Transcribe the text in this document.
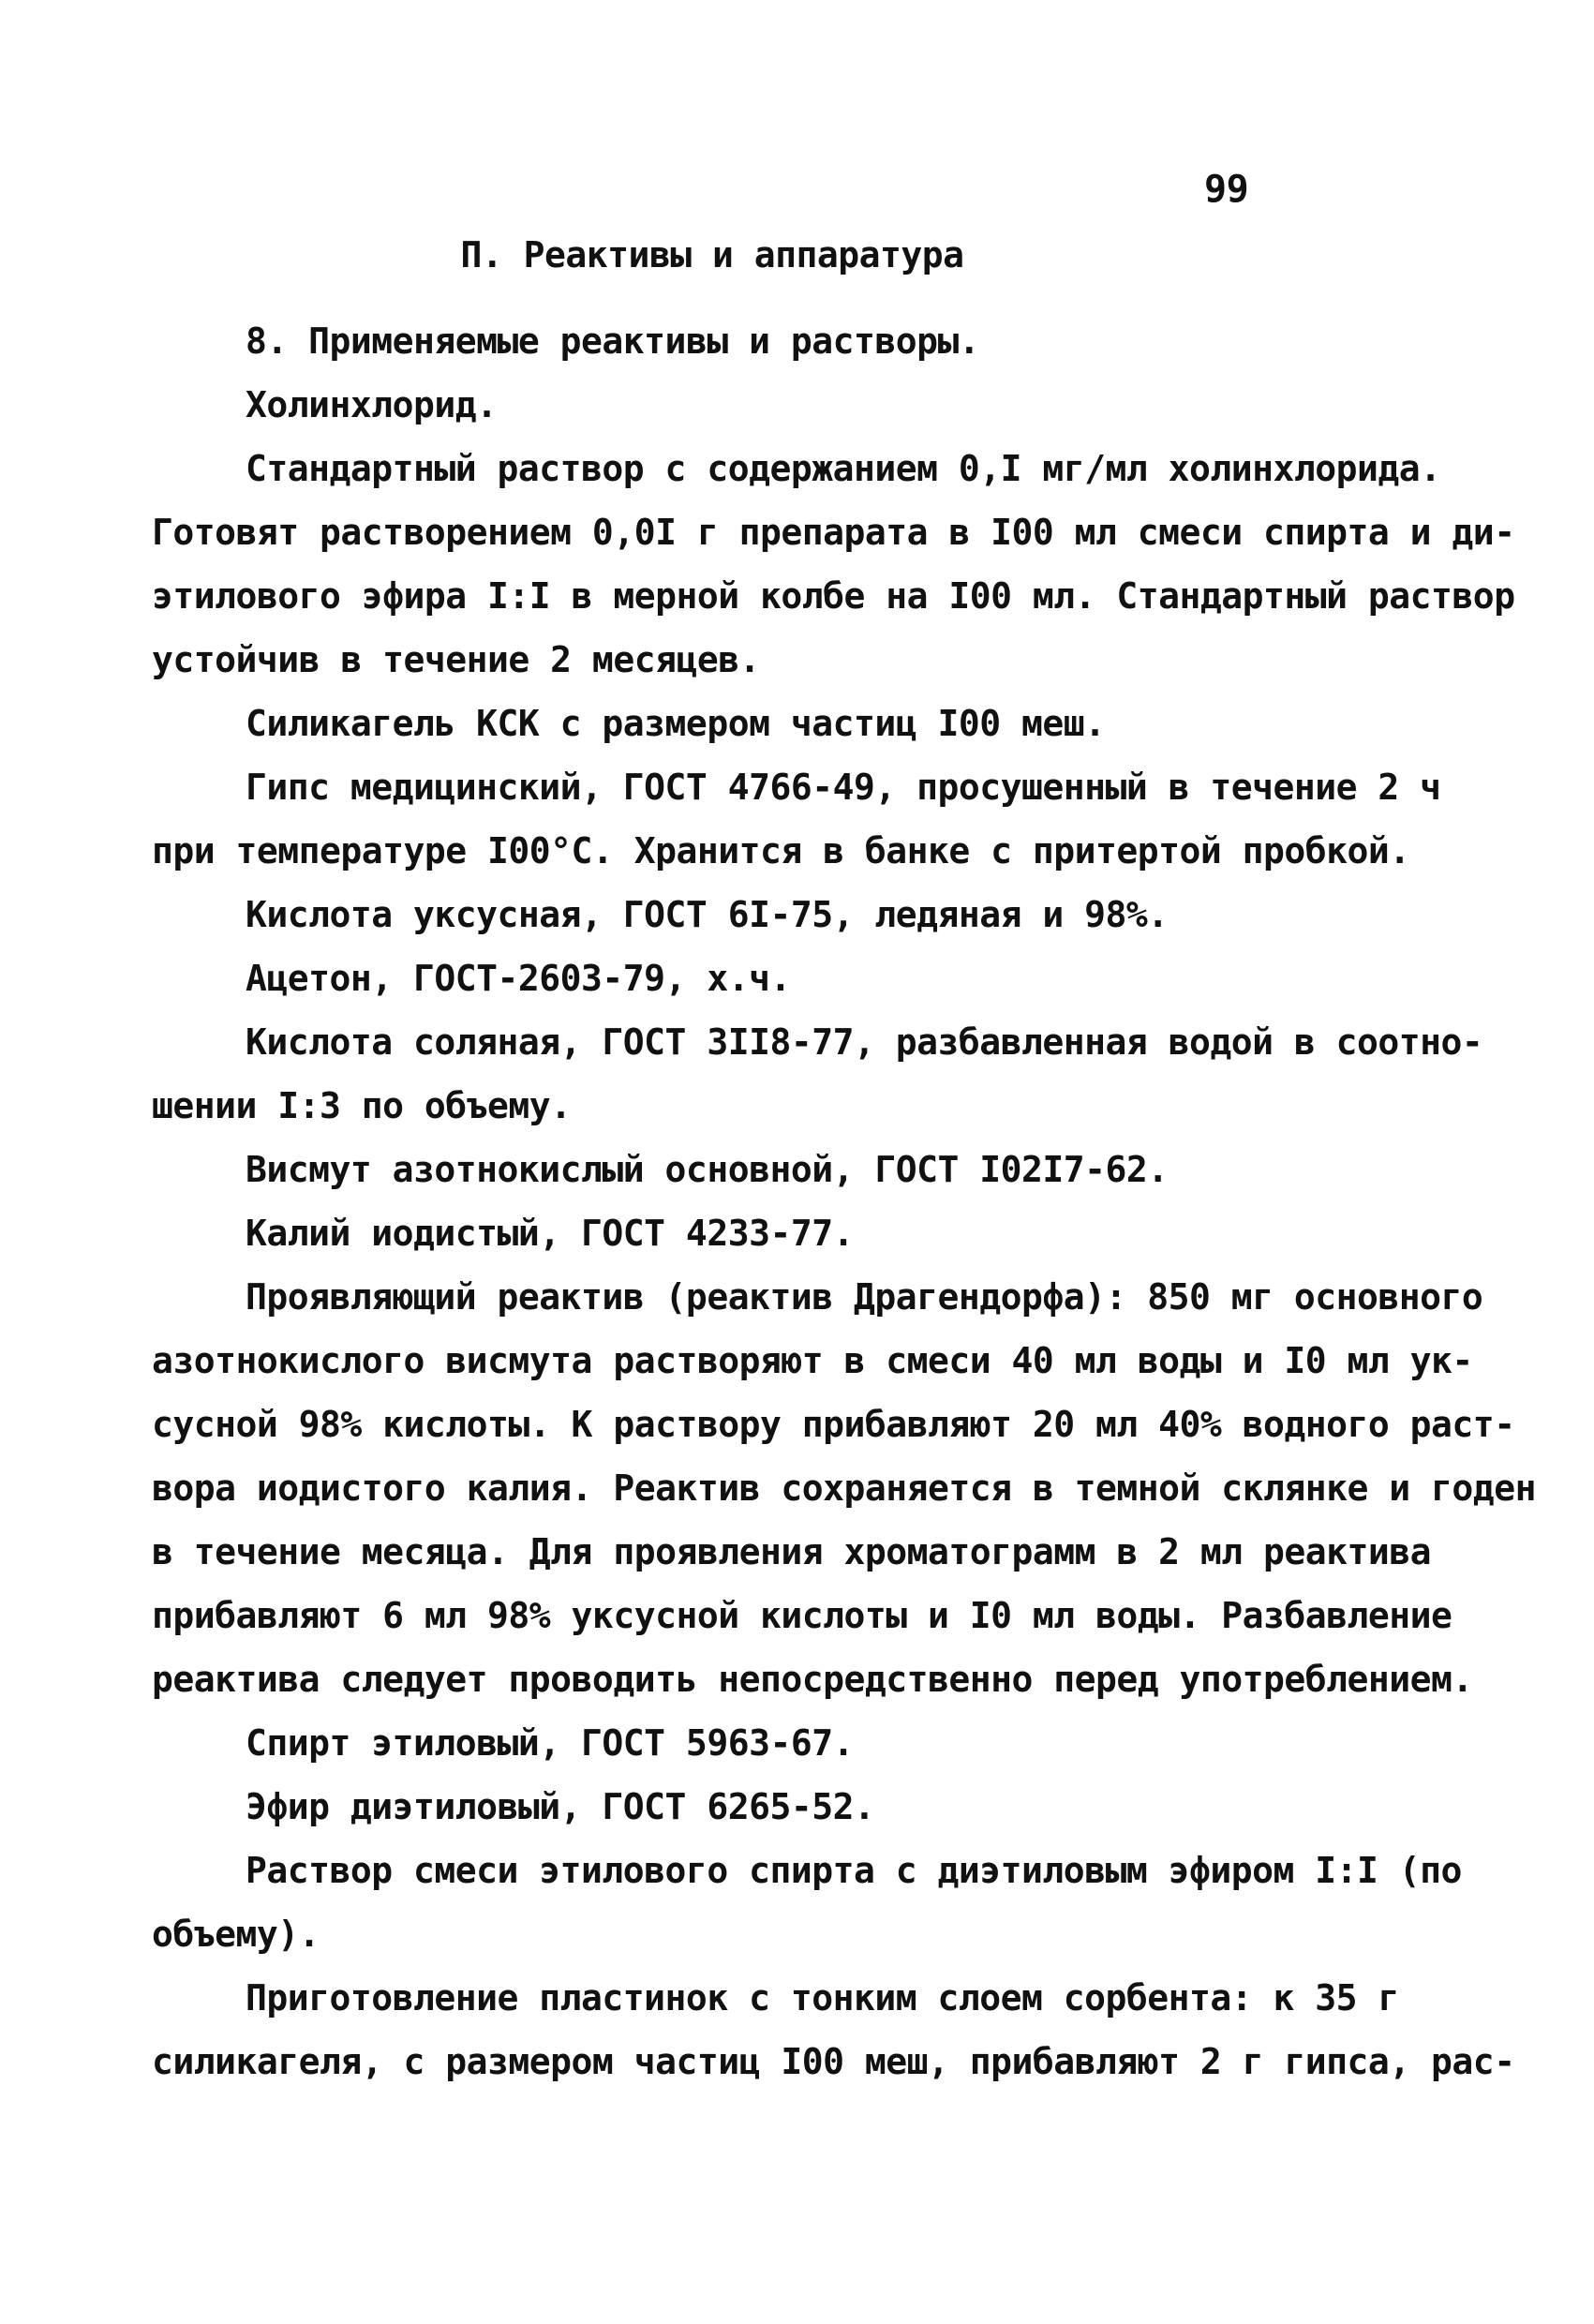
99
П. Реактивы и аппаратура
8. Применяемые реактивы и растворы.
Холинхлорид.
Стандартный раствор с содержанием 0,I мг/мл холинхлорида.
Готовят растворением 0,0I г препарата в I00 мл смеси спирта и ди-
этилового эфира I:I в мерной колбе на I00 мл. Стандартный раствор
устойчив в течение 2 месяцев.
Силикагель КСК с размером частиц I00 меш.
Гипс медицинский, ГОСТ 4766-49, просушенный в течение 2 ч
при температуре I00°С. Хранится в банке с притертой пробкой.
Кислота уксусная, ГОСТ 6I-75, ледяная и 98%.
Ацетон, ГОСТ-2603-79, х.ч.
Кислота соляная, ГОСТ 3II8-77, разбавленная водой в соотно-
шении I:3 по объему.
Висмут азотнокислый основной, ГОСТ I02I7-62.
Калий иодистый, ГОСТ 4233-77.
Проявляющий реактив (реактив Драгендорфа): 850 мг основного
азотнокислого висмута растворяют в смеси 40 мл воды и I0 мл ук-
сусной 98% кислоты. К раствору прибавляют 20 мл 40% водного раст-
вора иодистого калия. Реактив сохраняется в темной склянке и годен
в течение месяца. Для проявления хроматограмм в 2 мл реактива
прибавляют 6 мл 98% уксусной кислоты и I0 мл воды. Разбавление
реактива следует проводить непосредственно перед употреблением.
Спирт этиловый, ГОСТ 5963-67.
Эфир диэтиловый, ГОСТ 6265-52.
Раствор смеси этилового спирта с диэтиловым эфиром I:I (по
объему).
Приготовление пластинок с тонким слоем сорбента: к 35 г
силикагеля, с размером частиц I00 меш, прибавляют 2 г гипса, рас-
